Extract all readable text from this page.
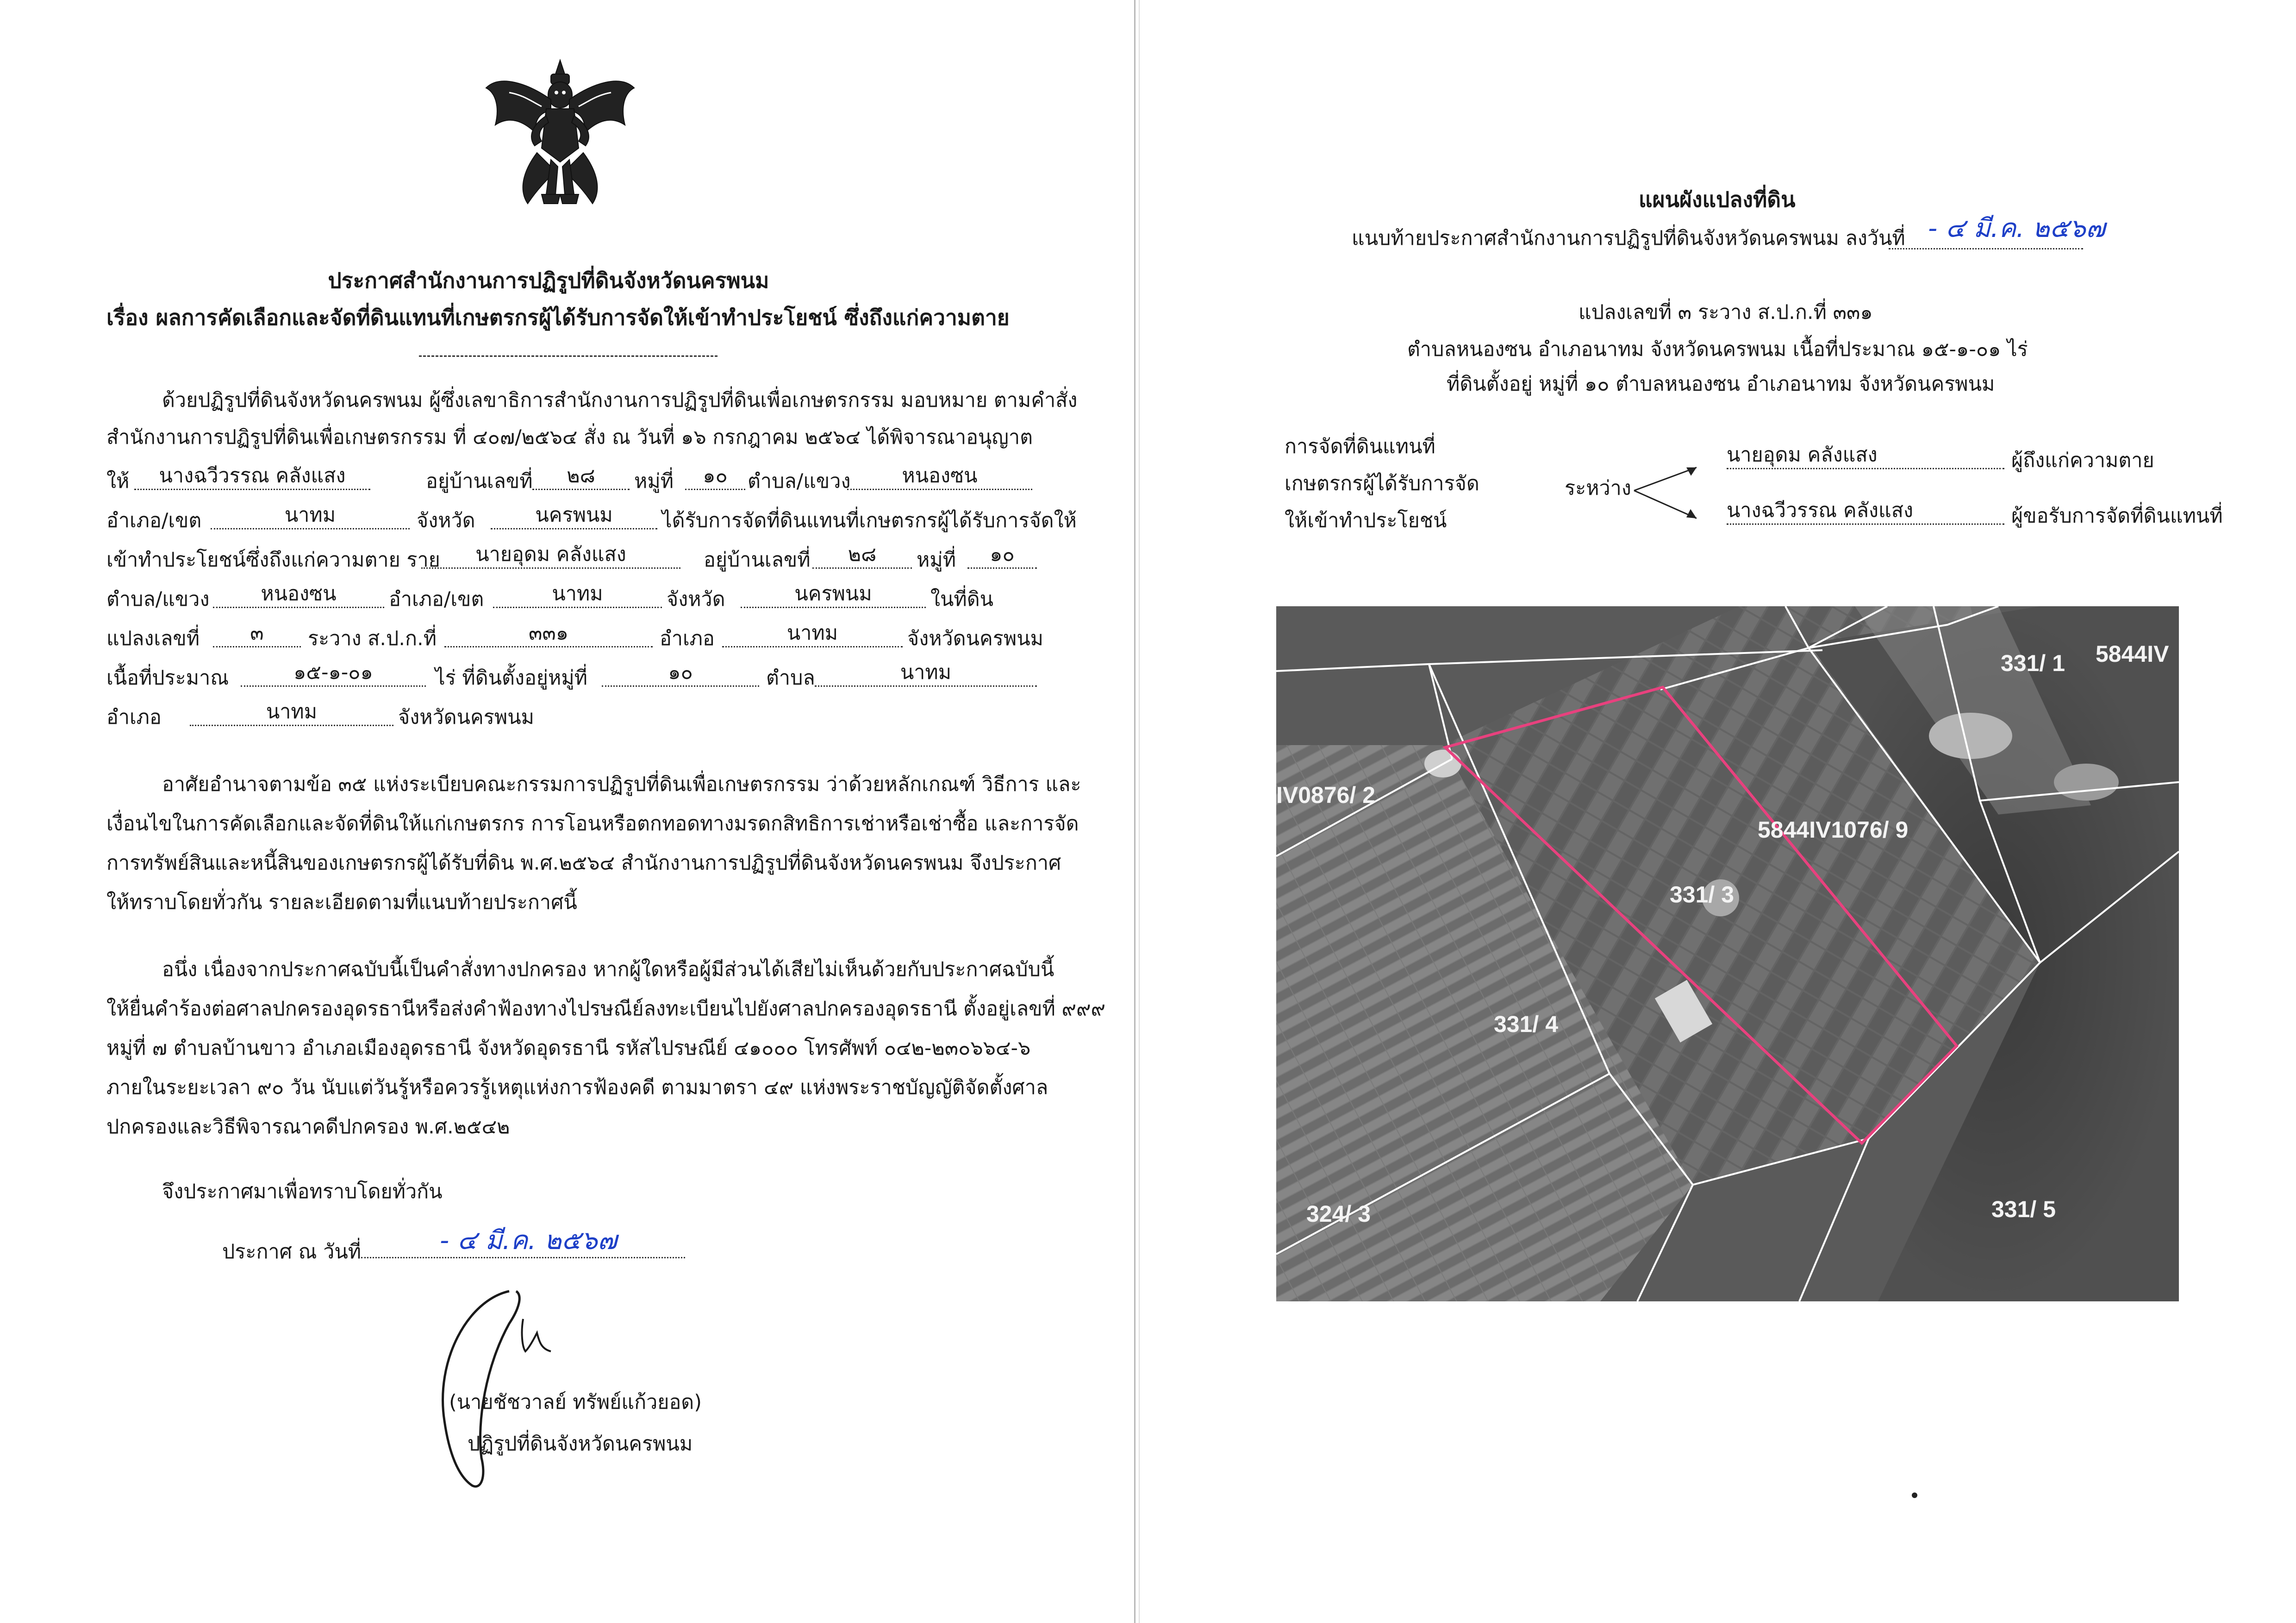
ประกาศสำนักงานการปฏิรูปที่ดินจังหวัดนครพนม
เรื่อง ผลการคัดเลือกและจัดที่ดินแทนที่เกษตรกรผู้ได้รับการจัดให้เข้าทำประโยชน์ ซึ่งถึงแก่ความตาย
ด้วยปฏิรูปที่ดินจังหวัดนครพนม ผู้ซึ่งเลขาธิการสำนักงานการปฏิรูปที่ดินเพื่อเกษตรกรรม มอบหมาย ตามคำสั่ง
สำนักงานการปฏิรูปที่ดินเพื่อเกษตรกรรม ที่ ๔๐๗/๒๕๖๔ สั่ง ณ วันที่ ๑๖ กรกฎาคม ๒๕๖๔ ได้พิจารณาอนุญาต
ให้	นางฉวีวรรณ คลังแสง	อยู่บ้านเลขที่	๒๘	หมู่ที่	๑๐	ตำบล/แขวง	หนองซน
อำเภอ/เขต	นาทม	จังหวัด	นครพนม	ได้รับการจัดที่ดินแทนที่เกษตรกรผู้ได้รับการจัดให้
เข้าทำประโยชน์ซึ่งถึงแก่ความตาย ราย	นายอุดม คลังแสง	อยู่บ้านเลขที่	๒๘	หมู่ที่	๑๐
ตำบล/แขวง	หนองซน	อำเภอ/เขต	นาทม	จังหวัด	นครพนม	ในที่ดิน
แปลงเลขที่	๓	ระวาง ส.ป.ก.ที่	๓๓๑	อำเภอ	นาทม	จังหวัดนครพนม
เนื้อที่ประมาณ	๑๕-๑-๐๑	ไร่ ที่ดินตั้งอยู่หมู่ที่	๑๐	ตำบล	นาทม
อำเภอ	นาทม	จังหวัดนครพนม
อาศัยอำนาจตามข้อ ๓๕ แห่งระเบียบคณะกรรมการปฏิรูปที่ดินเพื่อเกษตรกรรม ว่าด้วยหลักเกณฑ์ วิธีการ และ
เงื่อนไขในการคัดเลือกและจัดที่ดินให้แก่เกษตรกร การโอนหรือตกทอดทางมรดกสิทธิการเช่าหรือเช่าซื้อ และการจัด
การทรัพย์สินและหนี้สินของเกษตรกรผู้ได้รับที่ดิน พ.ศ.๒๕๖๔ สำนักงานการปฏิรูปที่ดินจังหวัดนครพนม จึงประกาศ
ให้ทราบโดยทั่วกัน รายละเอียดตามที่แนบท้ายประกาศนี้
อนึ่ง เนื่องจากประกาศฉบับนี้เป็นคำสั่งทางปกครอง หากผู้ใดหรือผู้มีส่วนได้เสียไม่เห็นด้วยกับประกาศฉบับนี้
ให้ยื่นคำร้องต่อศาลปกครองอุดรธานีหรือส่งคำฟ้องทางไปรษณีย์ลงทะเบียนไปยังศาลปกครองอุดรธานี ตั้งอยู่เลขที่ ๙๙๙
หมู่ที่ ๗ ตำบลบ้านขาว อำเภอเมืองอุดรธานี จังหวัดอุดรธานี รหัสไปรษณีย์ ๔๑๐๐๐ โทรศัพท์ ๐๔๒-๒๓๐๖๖๔-๖
ภายในระยะเวลา ๙๐ วัน นับแต่วันรู้หรือควรรู้เหตุแห่งการฟ้องคดี ตามมาตรา ๔๙ แห่งพระราชบัญญัติจัดตั้งศาล
ปกครองและวิธีพิจารณาคดีปกครอง พ.ศ.๒๕๔๒
จึงประกาศมาเพื่อทราบโดยทั่วกัน
ประกาศ ณ วันที่	- ๔ มี.ค. ๒๕๖๗
(นายชัชวาลย์ ทรัพย์แก้วยอด)
ปฏิรูปที่ดินจังหวัดนครพนม
แผนผังแปลงที่ดิน
แนบท้ายประกาศสำนักงานการปฏิรูปที่ดินจังหวัดนครพนม ลงวันที่ - ๔ มี.ค. ๒๕๖๗
แปลงเลขที่ ๓ ระวาง ส.ป.ก.ที่ ๓๓๑
ตำบลหนองซน อำเภอนาทม จังหวัดนครพนม เนื้อที่ประมาณ ๑๕-๑-๐๑ ไร่
ที่ดินตั้งอยู่ หมู่ที่ ๑๐ ตำบลหนองซน อำเภอนาทม จังหวัดนครพนม
การจัดที่ดินแทนที่
เกษตรกรผู้ได้รับการจัด
ให้เข้าทำประโยชน์
ระหว่าง
นายอุดม คลังแสง	ผู้ถึงแก่ความตาย
นางฉวีวรรณ คลังแสง	ผู้ขอรับการจัดที่ดินแทนที่
331/ 3
331/ 4
331/ 5
324/ 3
331/ 1
5844IV1076/ 9
5844IV
IV0876/ 2
